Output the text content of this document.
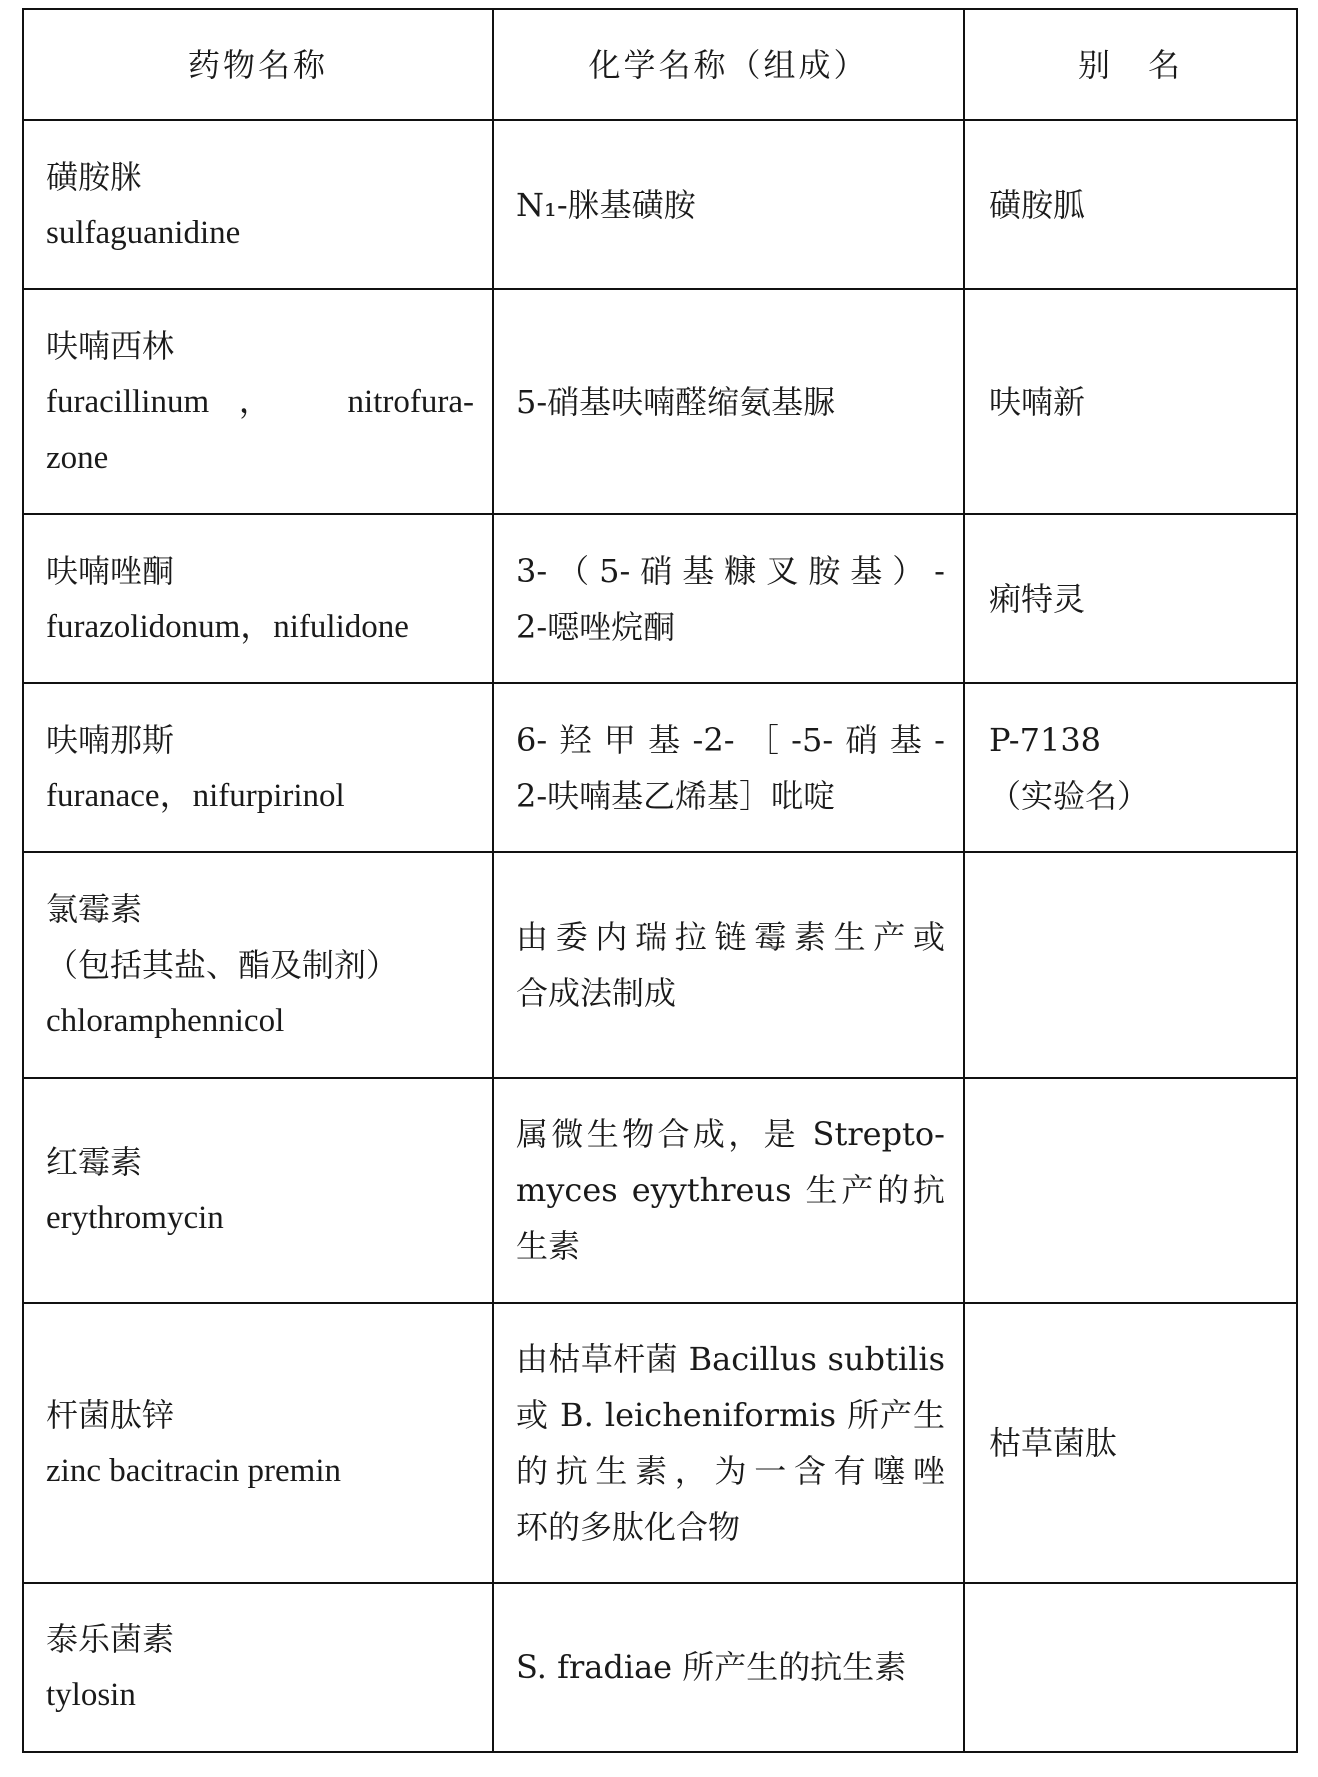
药物名称	化学名称（组成）	别　名

磺胺脒
sulfaguanidine	N₁-脒基磺胺	磺胺胍

呋喃西林
furacillinum，　nitrofura-
zone	5-硝基呋喃醛缩氨基脲	呋喃新

呋喃唑酮
furazolidonum，nifulidone	3-（5-硝基糠叉胺基）-
2-噁唑烷酮	痢特灵

呋喃那斯
furanace，nifurpirinol	6-羟甲基-2-［-5-硝基-
2-呋喃基乙烯基］吡啶	P-7138
（实验名）

氯霉素
（包括其盐、酯及制剂）
chloramphennicol	由委内瑞拉链霉素生产或
合成法制成	

红霉素
erythromycin	属微生物合成，是 Strepto-
myces eyythreus 生产的抗
生素	

杆菌肽锌
zinc bacitracin premin	由枯草杆菌 Bacillus subtilis
或 B. leicheniformis 所产生
的抗生素，为一含有噻唑
环的多肽化合物	枯草菌肽

泰乐菌素
tylosin	S. fradiae 所产生的抗生素	
